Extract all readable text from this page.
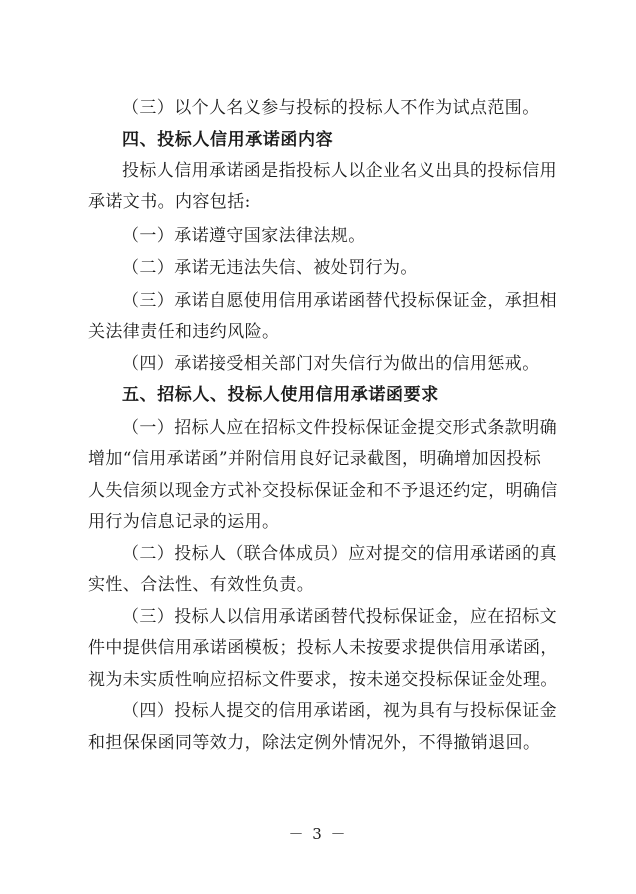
（三）以个人名义参与投标的投标人不作为试点范围。
四、投标人信用承诺函内容
投标人信用承诺函是指投标人以企业名义出具的投标信用
承诺文书。内容包括:
（一）承诺遵守国家法律法规。
（二）承诺无违法失信、被处罚行为。
（三）承诺自愿使用信用承诺函替代投标保证金，承担相
关法律责任和违约风险。
（四）承诺接受相关部门对失信行为做出的信用惩戒。
五、招标人、投标人使用信用承诺函要求
（一）招标人应在招标文件投标保证金提交形式条款明确
增加“信用承诺函”并附信用良好记录截图，明确增加因投标
人失信须以现金方式补交投标保证金和不予退还约定，明确信
用行为信息记录的运用。
（二）投标人（联合体成员）应对提交的信用承诺函的真
实性、合法性、有效性负责。
（三）投标人以信用承诺函替代投标保证金，应在招标文
件中提供信用承诺函模板；投标人未按要求提供信用承诺函，
视为未实质性响应招标文件要求，按未递交投标保证金处理。
（四）投标人提交的信用承诺函，视为具有与投标保证金
和担保保函同等效力，除法定例外情况外，不得撤销退回。
－ 3 －
